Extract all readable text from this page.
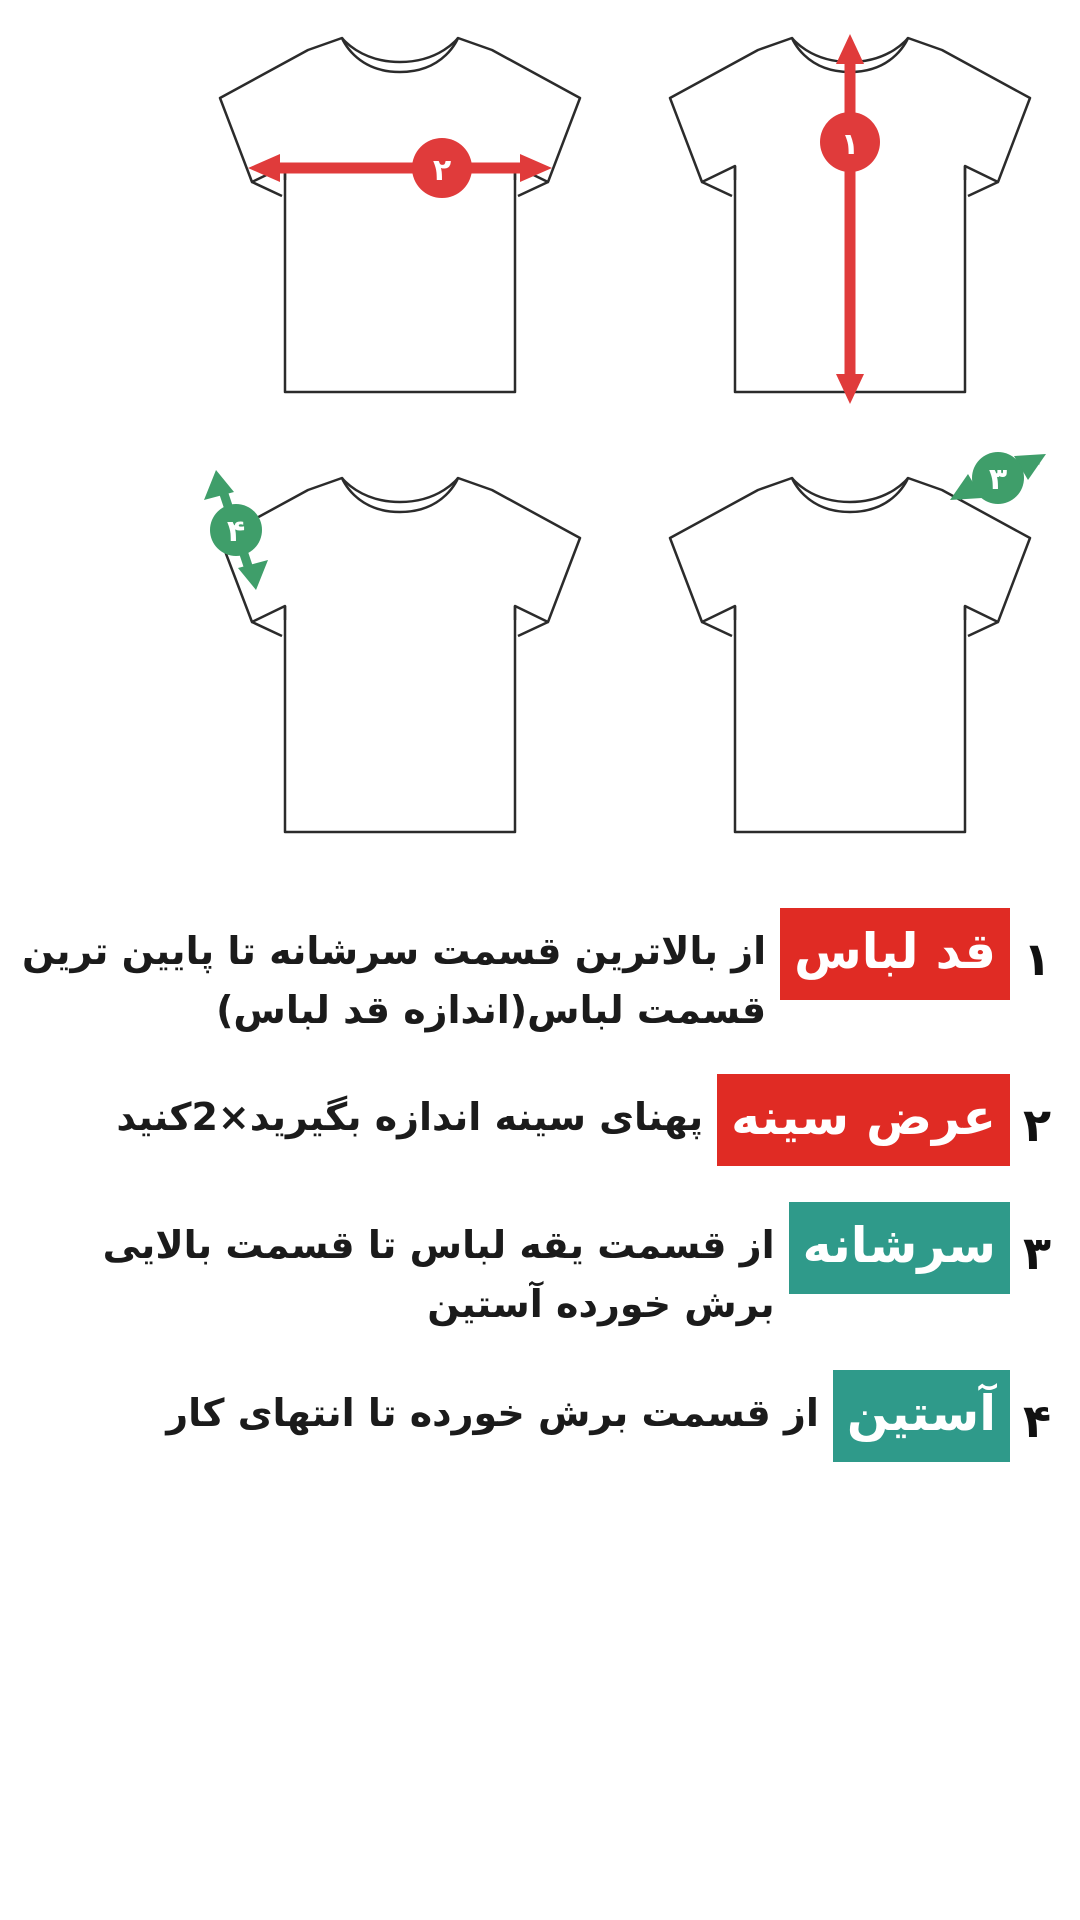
۱
۲
۳
۴
۱
قد لباس
از بالاترین قسمت سرشانه تا پایین ترین قسمت لباس(اندازه قد لباس)
۲
عرض سینه
پهنای سینه اندازه بگیرید×2کنید
۳
سرشانه
از قسمت یقه لباس تا قسمت بالایی برش خورده آستین
۴
آستین
از قسمت برش خورده تا انتهای کار
